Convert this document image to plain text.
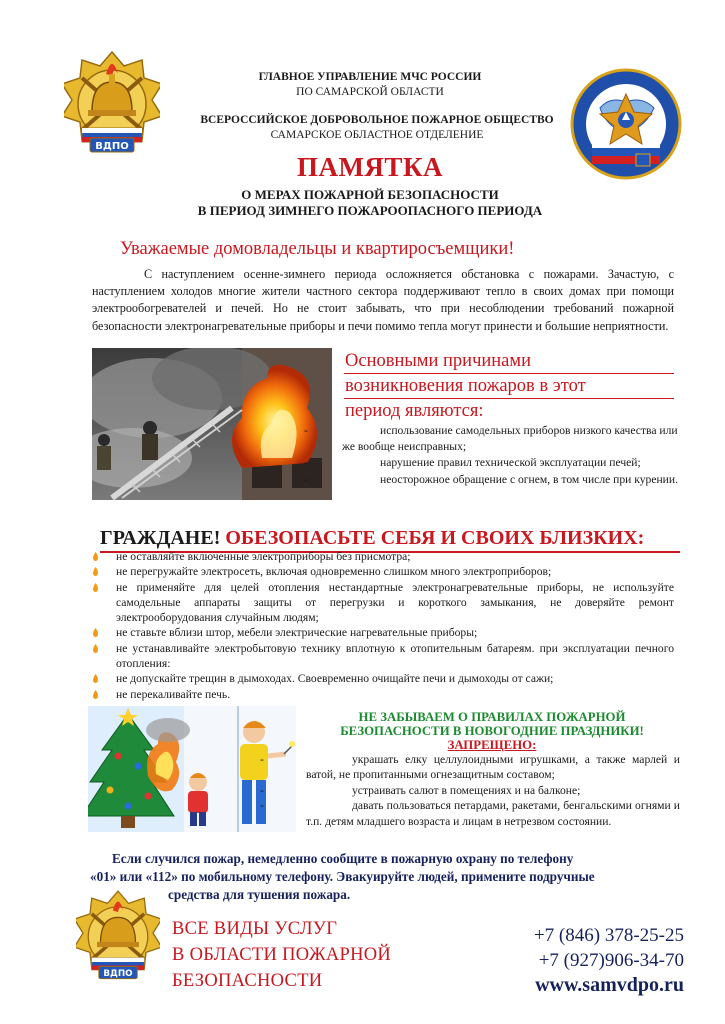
ВДПО
ГЛАВНОЕ УПРАВЛЕНИЕ МЧС РОССИИ
ПО САМАРСКОЙ ОБЛАСТИ
ВСЕРОССИЙСКОЕ ДОБРОВОЛЬНОЕ ПОЖАРНОЕ ОБЩЕСТВО
САМАРСКОЕ ОБЛАСТНОЕ ОТДЕЛЕНИЕ
ПАМЯТКА
О МЕРАХ ПОЖАРНОЙ БЕЗОПАСНОСТИ
В ПЕРИОД ЗИМНЕГО ПОЖАРООПАСНОГО ПЕРИОДА
Уважаемые домовладельцы и квартиросъемщики!
С наступлением осенне-зимнего периода осложняется обстановка с пожарами. Зачастую, с наступлением холодов многие жители частного сектора поддерживают тепло в своих домах при помощи электрообогревателей и печей. Но не стоит забывать, что при несоблюдении требований пожарной безопасности электронагревательные приборы и печи помимо тепла могут принести и большие неприятности.
Основными причинами
возникновения пожаров в этот
период являются:
-	использование самодельных приборов низкого качества или же вообще неисправных;
-	нарушение правил технической эксплуатации печей;
-	неосторожное обращение с огнем, в том числе при курении.
ГРАЖДАНЕ! ОБЕЗОПАСЬТЕ СЕБЯ И СВОИХ БЛИЗКИХ:
не оставляйте включенные электроприборы без присмотра;
не перегружайте электросеть, включая одновременно слишком много электроприборов;
не применяйте для целей отопления нестандартные электронагревательные приборы, не используйте самодельные аппараты защиты от перегрузки и короткого замыкания, не доверяйте ремонт электрооборудования случайным людям;
не ставьте вблизи штор, мебели электрические нагревательные приборы;
не устанавливайте электробытовую технику вплотную к отопительным батареям. при эксплуатации печного отопления:
не допускайте трещин в дымоходах. Своевременно очищайте печи и дымоходы от сажи;
не перекаливайте печь.
НЕ ЗАБЫВАЕМ О ПРАВИЛАХ ПОЖАРНОЙ
БЕЗОПАСНОСТИ В НОВОГОДНИЕ ПРАЗДНИКИ!
ЗАПРЕЩЕНО:
-	украшать елку целлулоидными игрушками, а также марлей и ватой, не пропитанными огнезащитным составом;
-	устраивать салют в помещениях и на балконе;
-	давать пользоваться петардами, ракетами, бенгальскими огнями и т.п. детям младшего возраста и лицам в нетрезвом состоянии.
Если случился пожар, немедленно сообщите в пожарную охрану по телефону
«01» или «112» по мобильному телефону. Эвакуируйте людей, примените подручные
средства для тушения пожара.
ВДПО
ВСЕ ВИДЫ УСЛУГ
В ОБЛАСТИ ПОЖАРНОЙ
БЕЗОПАСНОСТИ
+7 (846) 378-25-25
+7 (927)906-34-70
www.samvdpo.ru
